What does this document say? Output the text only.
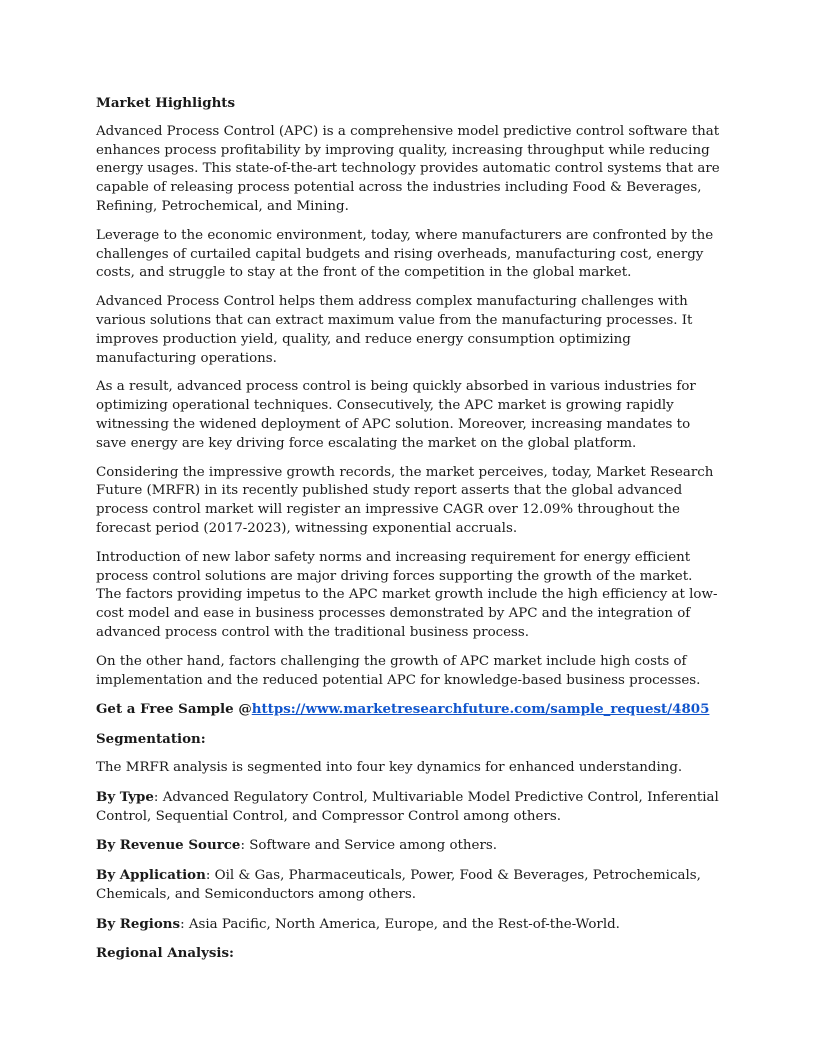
Market Highlights

Advanced Process Control (APC) is a comprehensive model predictive control software that enhances process profitability by improving quality, increasing throughput while reducing energy usages. This state-of-the-art technology provides automatic control systems that are capable of releasing process potential across the industries including Food & Beverages, Refining, Petrochemical, and Mining.

Leverage to the economic environment, today, where manufacturers are confronted by the challenges of curtailed capital budgets and rising overheads, manufacturing cost, energy costs, and struggle to stay at the front of the competition in the global market.

Advanced Process Control helps them address complex manufacturing challenges with various solutions that can extract maximum value from the manufacturing processes. It improves production yield, quality, and reduce energy consumption optimizing manufacturing operations.

As a result, advanced process control is being quickly absorbed in various industries for optimizing operational techniques. Consecutively, the APC market is growing rapidly witnessing the widened deployment of APC solution. Moreover, increasing mandates to save energy are key driving force escalating the market on the global platform.

Considering the impressive growth records, the market perceives, today, Market Research Future (MRFR) in its recently published study report asserts that the global advanced process control market will register an impressive CAGR over 12.09% throughout the forecast period (2017-2023), witnessing exponential accruals.

Introduction of new labor safety norms and increasing requirement for energy efficient process control solutions are major driving forces supporting the growth of the market. The factors providing impetus to the APC market growth include the high efficiency at low-cost model and ease in business processes demonstrated by APC and the integration of advanced process control with the traditional business process.

On the other hand, factors challenging the growth of APC market include high costs of implementation and the reduced potential APC for knowledge-based business processes.

Get a Free Sample @https://www.marketresearchfuture.com/sample_request/4805

Segmentation:

The MRFR analysis is segmented into four key dynamics for enhanced understanding.

By Type: Advanced Regulatory Control, Multivariable Model Predictive Control, Inferential Control, Sequential Control, and Compressor Control among others.

By Revenue Source: Software and Service among others.

By Application: Oil & Gas, Pharmaceuticals, Power, Food & Beverages, Petrochemicals, Chemicals, and Semiconductors among others.

By Regions: Asia Pacific, North America, Europe, and the Rest-of-the-World.

Regional Analysis:
